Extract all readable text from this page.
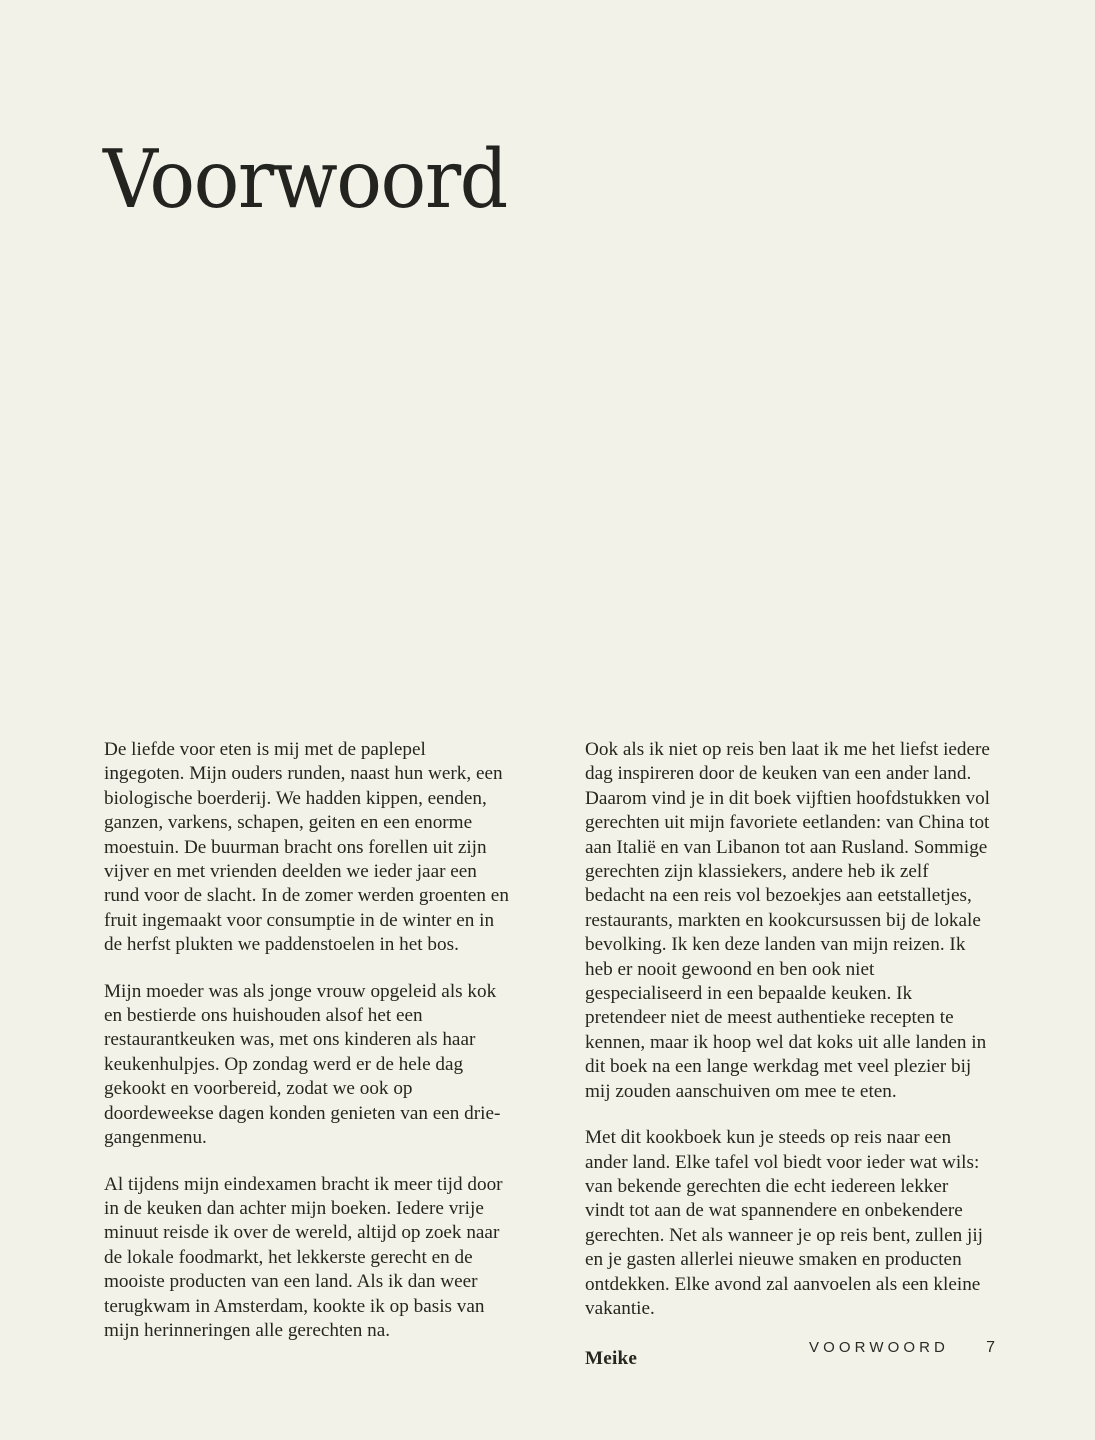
Voorwoord

De liefde voor eten is mij met de paplepel ingegoten. Mijn ouders runden, naast hun werk, een biologische boerderij. We hadden kippen, eenden, ganzen, varkens, schapen, geiten en een enorme moestuin. De buurman bracht ons forellen uit zijn vijver en met vrienden deelden we ieder jaar een rund voor de slacht. In de zomer werden groenten en fruit ingemaakt voor consumptie in de winter en in de herfst plukten we paddenstoelen in het bos.

Mijn moeder was als jonge vrouw opgeleid als kok en bestierde ons huishouden alsof het een restaurantkeuken was, met ons kinderen als haar keukenhulpjes. Op zondag werd er de hele dag gekookt en voorbereid, zodat we ook op doordeweekse dagen konden genieten van een drie-gangenmenu.

Al tijdens mijn eindexamen bracht ik meer tijd door in de keuken dan achter mijn boeken. Iedere vrije minuut reisde ik over de wereld, altijd op zoek naar de lokale foodmarkt, het lekkerste gerecht en de mooiste producten van een land. Als ik dan weer terugkwam in Amsterdam, kookte ik op basis van mijn herinneringen alle gerechten na.

Ook als ik niet op reis ben laat ik me het liefst iedere dag inspireren door de keuken van een ander land. Daarom vind je in dit boek vijftien hoofdstukken vol gerechten uit mijn favoriete eetlanden: van China tot aan Italië en van Libanon tot aan Rusland. Sommige gerechten zijn klassiekers, andere heb ik zelf bedacht na een reis vol bezoekjes aan eetstalletjes, restaurants, markten en kookcursussen bij de lokale bevolking. Ik ken deze landen van mijn reizen. Ik heb er nooit gewoond en ben ook niet gespecialiseerd in een bepaalde keuken. Ik pretendeer niet de meest authentieke recepten te kennen, maar ik hoop wel dat koks uit alle landen in dit boek na een lange werkdag met veel plezier bij mij zouden aanschuiven om mee te eten.

Met dit kookboek kun je steeds op reis naar een ander land. Elke tafel vol biedt voor ieder wat wils: van bekende gerechten die echt iedereen lekker vindt tot aan de wat spannendere en onbekendere gerechten. Net als wanneer je op reis bent, zullen jij en je gasten allerlei nieuwe smaken en producten ontdekken. Elke avond zal aanvoelen als een kleine vakantie.

Meike

VOORWOORD 7
